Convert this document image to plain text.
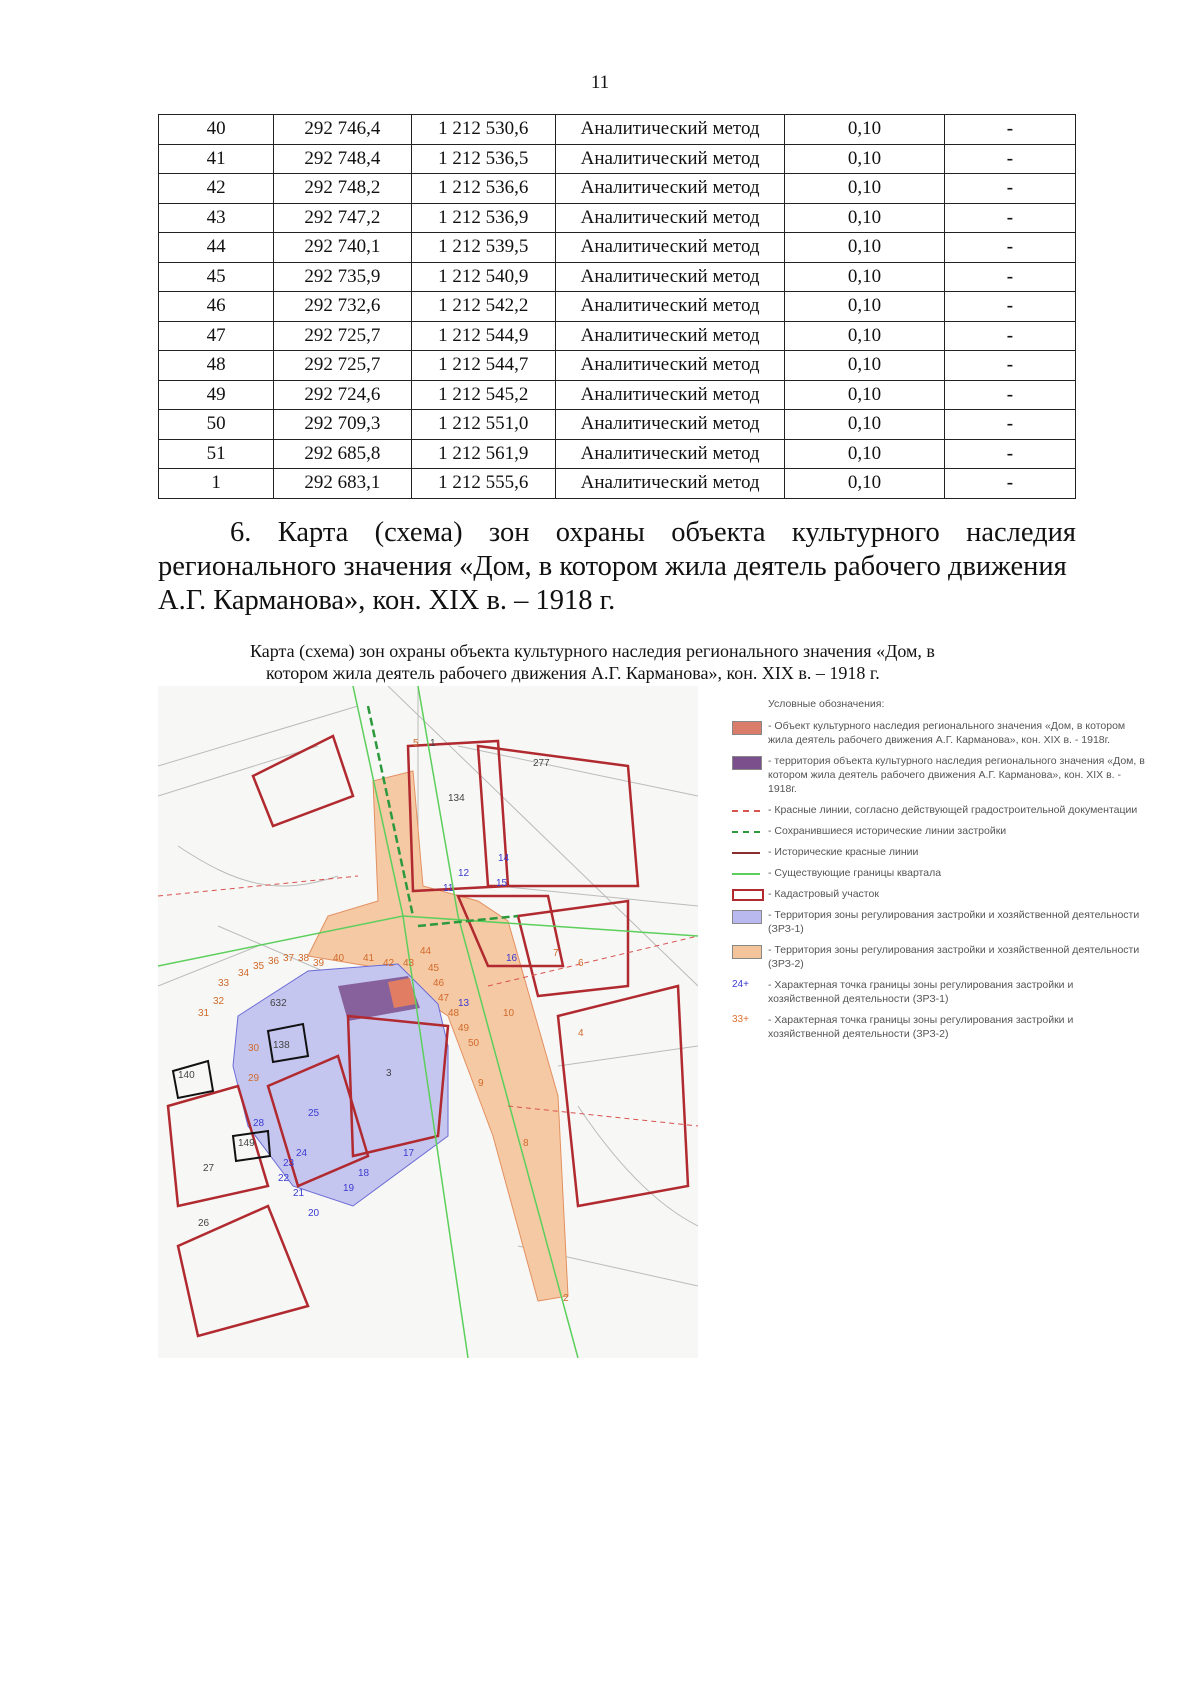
11
40	292 746,4	1 212 530,6	Аналитический метод	0,10	-
41	292 748,4	1 212 536,5	Аналитический метод	0,10	-
42	292 748,2	1 212 536,6	Аналитический метод	0,10	-
43	292 747,2	1 212 536,9	Аналитический метод	0,10	-
44	292 740,1	1 212 539,5	Аналитический метод	0,10	-
45	292 735,9	1 212 540,9	Аналитический метод	0,10	-
46	292 732,6	1 212 542,2	Аналитический метод	0,10	-
47	292 725,7	1 212 544,9	Аналитический метод	0,10	-
48	292 725,7	1 212 544,7	Аналитический метод	0,10	-
49	292 724,6	1 212 545,2	Аналитический метод	0,10	-
50	292 709,3	1 212 551,0	Аналитический метод	0,10	-
51	292 685,8	1 212 561,9	Аналитический метод	0,10	-
1	292 683,1	1 212 555,6	Аналитический метод	0,10	-
6. Карта (схема) зон охраны объекта культурного наследия
регионального значения «Дом, в котором жила деятель рабочего движения
А.Г. Карманова», кон. XIX в. – 1918 г.
Карта (схема) зон охраны объекта культурного наследия регионального значения «Дом, в
котором жила деятель рабочего движения А.Г. Карманова», кон. XIX в. – 1918 г.
277
134
1
138
140
149
632
3
27
26
5
15
12
14
11
13
16
17
18
19
20
21
22
23
24
25
28
29
30
31
32
33
34
35 36 37 38 39 40 41 42 43
44
45
46
47
48
49
50
2
4
6
7
8
9
10
Условные обозначения:
- Объект культурного наследия регионального значения «Дом, в котором жила деятель рабочего движения А.Г. Карманова», кон. XIX в. - 1918г.
- территория объекта культурного наследия регионального значения «Дом, в котором жила деятель рабочего движения А.Г. Карманова», кон. XIX в. - 1918г.
- Красные линии, согласно действующей градостроительной документации
- Сохранившиеся исторические линии застройки
- Исторические красные линии
- Существующие границы квартала
- Кадастровый участок
- Территория зоны регулирования застройки и хозяйственной деятельности (ЗРЗ-1)
- Территория зоны регулирования застройки и хозяйственной деятельности (ЗРЗ-2)
24+	- Характерная точка границы зоны регулирования застройки и хозяйственной деятельности (ЗРЗ-1)
33+	- Характерная точка границы зоны регулирования застройки и хозяйственной деятельности (ЗРЗ-2)
